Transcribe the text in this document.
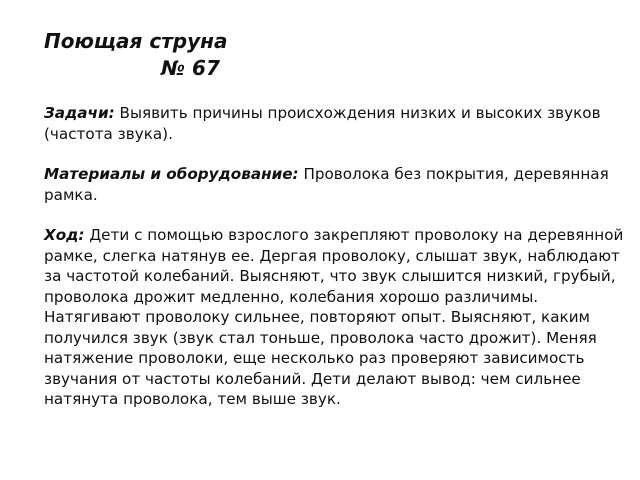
Поющая струна
№ 67

Задачи: Выявить причины происхождения низких и высоких звуков (частота звука).

Материалы и оборудование: Проволока без покрытия, деревянная рамка.

Ход: Дети с помощью взрослого закрепляют проволоку на деревянной рамке, слегка натянув ее. Дергая проволоку, слышат звук, наблюдают за частотой колебаний. Выясняют, что звук слышится низкий, грубый, проволока дрожит медленно, колебания хорошо различимы. Натягивают проволоку сильнее, повторяют опыт. Выясняют, каким получился звук (звук стал тоньше, проволока часто дрожит). Меняя натяжение проволоки, еще несколько раз проверяют зависимость звучания от частоты колебаний. Дети делают вывод: чем сильнее натянута проволока, тем выше звук.
